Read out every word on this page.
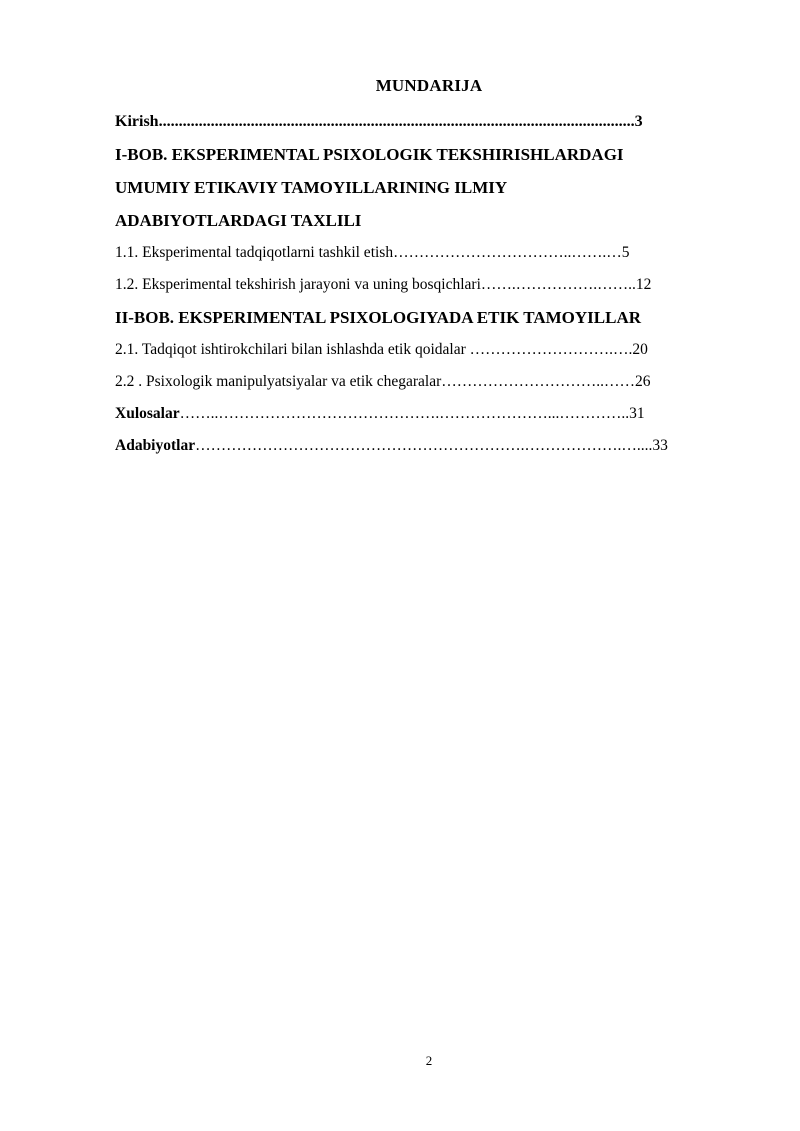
MUNDARIJA
Kirish.......................................................................................................................3
I-BOB. EKSPERIMENTAL PSIXOLOGIK TEKSHIRISHLARDAGI
UMUMIY ETIKAVIY TAMOYILLARINING ILMIY
ADABIYOTLARDAGI TAXLILI
1.1. Eksperimental tadqiqotlarni tashkil etish……………………………..…….…5
1.2. Eksperimental tekshirish jarayoni va uning bosqichlari…….…………….……..12
II-BOB. EKSPERIMENTAL PSIXOLOGIYADA ETIK TAMOYILLAR
2.1. Tadqiqot ishtirokchilari bilan ishlashda etik qoidalar ……………………….….20
2.2 . Psixologik manipulyatsiyalar va etik chegaralar…………………………..……26
Xulosalar……..…………………………………….…………………...…………..31
Adabiyotlar……………………………………………………….……………….…....33
2
